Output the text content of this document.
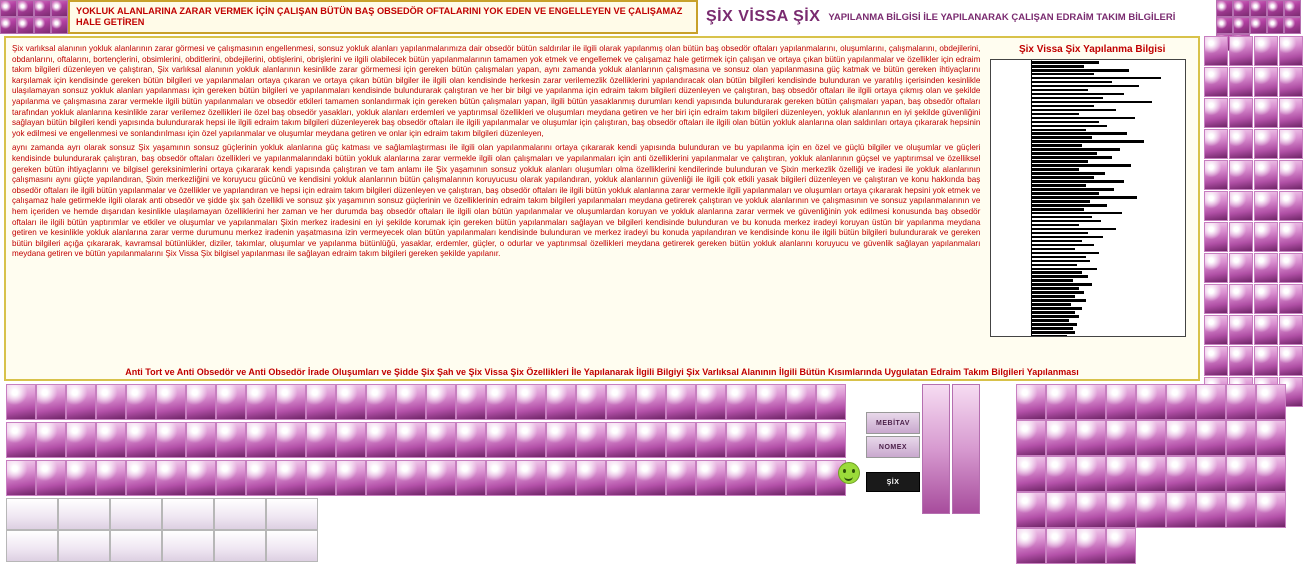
YOKLUK ALANLARINA ZARAR VERMEK İÇİN ÇALIŞAN BÜTÜN BAŞ OBSEDÖR OFTALARINI YOK EDEN VE ENGELLEYEN VE ÇALIŞAMAZ HALE GETİREN	ŞİX VİSSA ŞİX YAPILANMA BİLGİSİ İLE YAPILANARAK ÇALIŞAN EDRAİM TAKIM BİLGİLERİ

Şix varlıksal alanının yokluk alanlarının zarar görmesi ve çalışmasının engellenmesi, sonsuz yokluk alanları yapılanmalarımıza dair obsedör bütün saldırılar ile ilgili olarak yapılanmış olan bütün baş obsedör oftaları yapılanmalarını, oluşumlarını, çalışmalarını, obdejilerini, obdanlarını, oftalarını, bortençlerini, obsimlerini, obditlerini, obdejilerini, obtişlerini, obrişlerini ve ilgili olabilecek bütün yapılanmalarının tamamen yok etmek ve engellemek ve çalışamaz hale getirmek için çalışan ve ortaya çıkan bütün yapılanmalar ve özellikler için edraim takım bilgileri düzenleyen ve çalıştıran, Şix varlıksal alanının yokluk alanlarının kesinlikle zarar görmemesi için gereken bütün çalışmaları yapan, aynı zamanda yokluk alanlarının çalışmasına ve sonsuz olan yapılanmasına güç katmak ve bütün gereken ihtiyaçlarını karşılamak için kendisinde gereken bütün bilgileri ve yapılanmaları ortaya çıkaran ve ortaya çıkan bütün bilgiler ile ilgili olan kendisinde herkesin zarar verilemezlik özelliklerini yapılandıracak olan bütün bilgileri kendisinde bulunduran ve yaratılış içerisinden kesinlikle ulaşılamayan sonsuz yokluk alanları yapılanması için gereken bütün bilgileri ve yapılanmaları kendisinde bulundurarak çalıştıran ve her bir bilgi ve yapılanma için edraim takım bilgileri düzenleyen ve çalıştıran, baş obsedör oftaları ile ilgili ortaya çıkmış olan ve şekilde yapılanma ve çalışmasına zarar vermekle ilgili bütün yapılanmaları ve obsedör etkileri tamamen sonlandırmak için gereken bütün çalışmaları yapan, ilgili bütün yasaklanmış durumları kendi yapısında bulundurarak gereken bütün çalışmaları yapan, baş obsedör oftaları tarafından yokluk alanlarına kesinlikle zarar verilemez özellikleri ile özel baş obsedör yasakları, yokluk alanları erdemleri ve yaptırımsal özellikleri ve oluşumları meydana getiren ve her biri için edraim takım bilgileri düzenleyen, yokluk alanlarının en iyi şekilde güvenliğini sağlayan bütün bilgileri kendi yapısında bulundurarak hepsi ile ilgili edraim takım bilgileri düzenleyerek baş obsedör oftaları ile ilgili yapılanmalar ve oluşumlar için çalıştıran, baş obsedör oftaları ile ilgili olan bütün yokluk alanlarına olan saldırıları ortaya çıkararak hepsinin yok edilmesi ve engellenmesi ve sonlandırılması için özel yapılanmalar ve oluşumlar meydana getiren ve onlar için edraim takım bilgileri düzenleyen,

aynı zamanda ayrı olarak sonsuz Şix yaşamının sonsuz güçlerinin yokluk alanlarına güç katması ve sağlamlaştırması ile ilgili olan yapılanmalarını ortaya çıkararak kendi yapısında bulunduran ve bu yapılanma için en özel ve güçlü bilgiler ve oluşumlar ve güçleri kendisinde bulundurarak çalıştıran, baş obsedör oftaları özellikleri ve yapılanmalarındaki bütün yokluk alanlarına zarar vermekle ilgili olan çalışmaları ve yapılanmaları için anti özelliklerini yapılanmalar ve çalıştıran, yokluk alanlarının güçsel ve yaptırımsal ve özelliksel gereken bütün ihtiyaçlarını ve bilgisel gereksinimlerini ortaya çıkararak kendi yapısında çalıştıran ve tam anlamı ile Şix yaşamının sonsuz yokluk alanları oluşumları olma özelliklerini kendilerinde bulunduran ve Şixin merkezlik özelliği ve iradesi ile yokluk alanlarının çalışmasını aynı güçte yapılandıran, Şixin merkezliğini ve koruyucu gücünü ve kendisini yokluk alanlarının bütün çalışmalarının koruyucusu olarak yapılandıran, yokluk alanlarının güvenliği ile ilgili çok etkili yasak bilgileri düzenleyen ve çalıştıran ve konu hakkında baş obsedör oftaları ile ilgili bütün yapılanmalar ve özellikler ve yapılandıran ve hepsi için edraim takım bilgileri düzenleyen ve çalıştıran, baş obsedör oftaları ile ilgili bütün yokluk alanlarına zarar vermekle ilgili yapılanmaları ve oluşumları ortaya çıkararak hepsini yok etmek ve çalışamaz hale getirmekle ilgili olarak anti obsedör ve şidde şix şah özellikli ve sonsuz şix yaşamının sonsuz güçlerinin ve özelliklerinin edraim takım bilgileri yapılanmaları meydana getirerek çalıştıran ve yokluk alanlarının ve çalışmasının ve sonsuz yapılanmalarının ve hem içeriden ve hemde dışarıdan kesinlikle ulaşılamayan özelliklerini her zaman ve her durumda baş obsedör oftaları ile ilgili olan bütün yapılanmalar ve oluşumlardan koruyan ve yokluk alanlarına zarar vermek ve güvenliğinin yok edilmesi konusunda baş obsedör oftaları ile ilgili bütün yaptırımlar ve etkiler ve oluşumlar ve yapılanmaları Şixin merkez iradesini en iyi şekilde korumak için gereken bütün yapılanmaları sağlayan ve bilgileri kendisinde bulunduran ve bu konuda merkez iradeyi koruyan üstün bir yapılanma meydana getiren ve kesinlikle yokluk alanlarına zarar verme durumunu merkez iradenin yaşatmasına izin vermeyecek olan bütün yapılanmaları kendisinde bulunduran ve merkez iradeyi bu konuda yapılandıran ve kendisinde konu ile ilgili bütün bilgileri bulundurarak ve gereken bütün bilgileri açığa çıkararak, kavramsal bütünlükler, diziler, takımlar, oluşumlar ve yapılanma bütünlüğü, yasaklar, erdemler, güçler, o odurlar ve yaptırımsal özellikleri meydana getirerek gereken bütün yokluk alanlarını koruyucu ve güvenlik sağlayan yapılanmaları meydana getiren ve bütün yapılanmalarını Şix Vissa Şix bilgisel yapılanması ile sağlayan edraim takım bilgileri gereken şekilde yapılanır.

Şix Vissa Şix Yapılanma Bilgisi
Anti Tort ve Anti Obsedör ve Anti Obsedör İrade Oluşumları ve Şidde Şix Şah ve Şix Vissa Şix Özellikleri İle Yapılanarak İlgili Bilgiyi Şix Varlıksal Alanının İlgili Bütün Kısımlarında Uygulatan Edraim Takım Bilgileri Yapılanması
MEBİTAV
NOMEX
ŞİX
